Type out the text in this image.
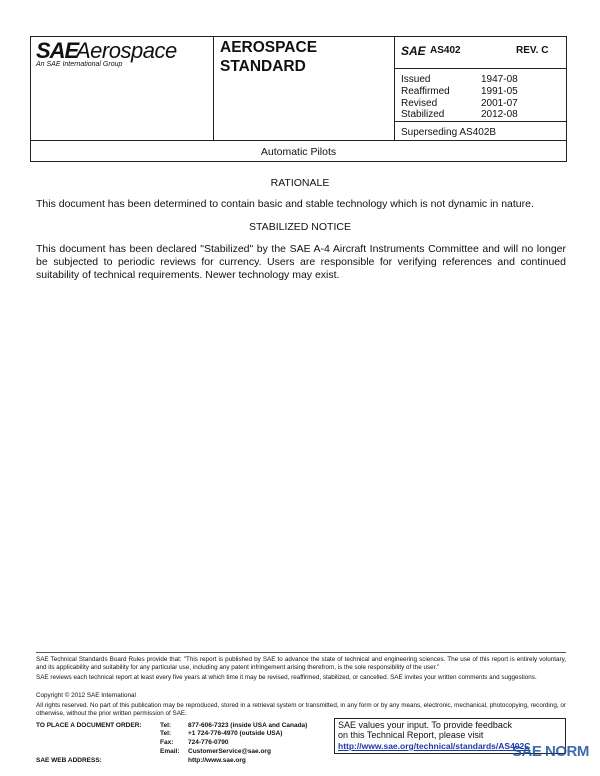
SAE
Aerospace
An SAE International Group
AEROSPACE
STANDARD
SAE AS402	REV. C
Issued	1947-08
Reaffirmed	1991-05
Revised	2001-07
Stabilized	2012-08
Superseding AS402B
Automatic Pilots
RATIONALE
This document has been determined to contain basic and stable technology which is not dynamic in nature.
STABILIZED NOTICE
This document has been declared "Stabilized" by the SAE A-4 Aircraft Instruments Committee and will no longer be subjected to periodic reviews for currency. Users are responsible for verifying references and continued suitability of technical requirements. Newer technology may exist.
SAE Technical Standards Board Rules provide that: "This report is published by SAE to advance the state of technical and engineering sciences. The use of this report is entirely voluntary, and its applicability and suitability for any particular use, including any patent infringement arising therefrom, is the sole responsibility of the user."
SAE reviews each technical report at least every five years at which time it may be revised, reaffirmed, stabilized, or cancelled. SAE invites your written comments and suggestions.
Copyright © 2012 SAE International
All rights reserved. No part of this publication may be reproduced, stored in a retrieval system or transmitted, in any form or by any means, electronic, mechanical, photocopying, recording, or otherwise, without the prior written permission of SAE.
TO PLACE A DOCUMENT ORDER:
SAE WEB ADDRESS:
Tel:	877-606-7323 (inside USA and Canada)
Tel:	+1 724-776-4970 (outside USA)
Fax: 724-776-0790
Email: CustomerService@sae.org
http://www.sae.org
SAE values your input. To provide feedback
on this Technical Report, please visit
http://www.sae.org/technical/standards/AS402C
SAE NORM
